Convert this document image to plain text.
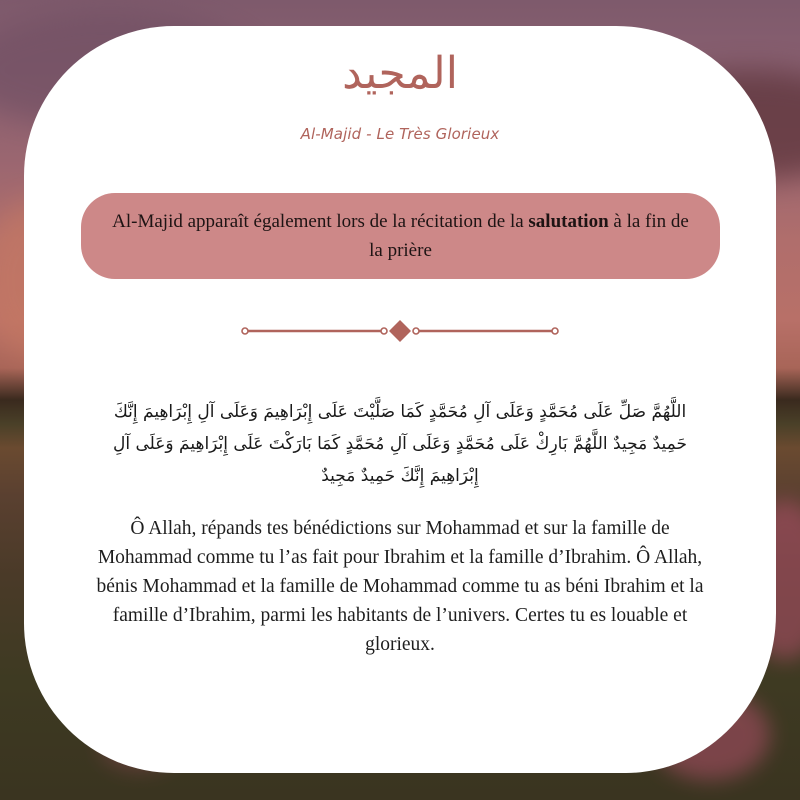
المجيد
Al-Majid - Le Très Glorieux
Al-Majid apparaît également lors de la récitation de la salutation à la fin de la prière
اللَّهُمَّ صَلِّ عَلَى مُحَمَّدٍ وَعَلَى آلِ مُحَمَّدٍ كَمَا صَلَّيْتَ عَلَى إِبْرَاهِيمَ وَعَلَى آلِ إِبْرَاهِيمَ إِنَّكَ حَمِيدٌ مَجِيدٌ اللَّهُمَّ بَارِكْ عَلَى مُحَمَّدٍ وَعَلَى آلِ مُحَمَّدٍ كَمَا بَارَكْتَ عَلَى إِبْرَاهِيمَ وَعَلَى آلِ إِبْرَاهِيمَ إِنَّكَ حَمِيدٌ مَجِيدٌ
Ô Allah, répands tes bénédictions sur Mohammad et sur la famille de Mohammad comme tu l’as fait pour Ibrahim et la famille d’Ibrahim. Ô Allah, bénis Mohammad et la famille de Mohammad comme tu as béni Ibrahim et la famille d’Ibrahim, parmi les habitants de l’univers. Certes tu es louable et glorieux.
